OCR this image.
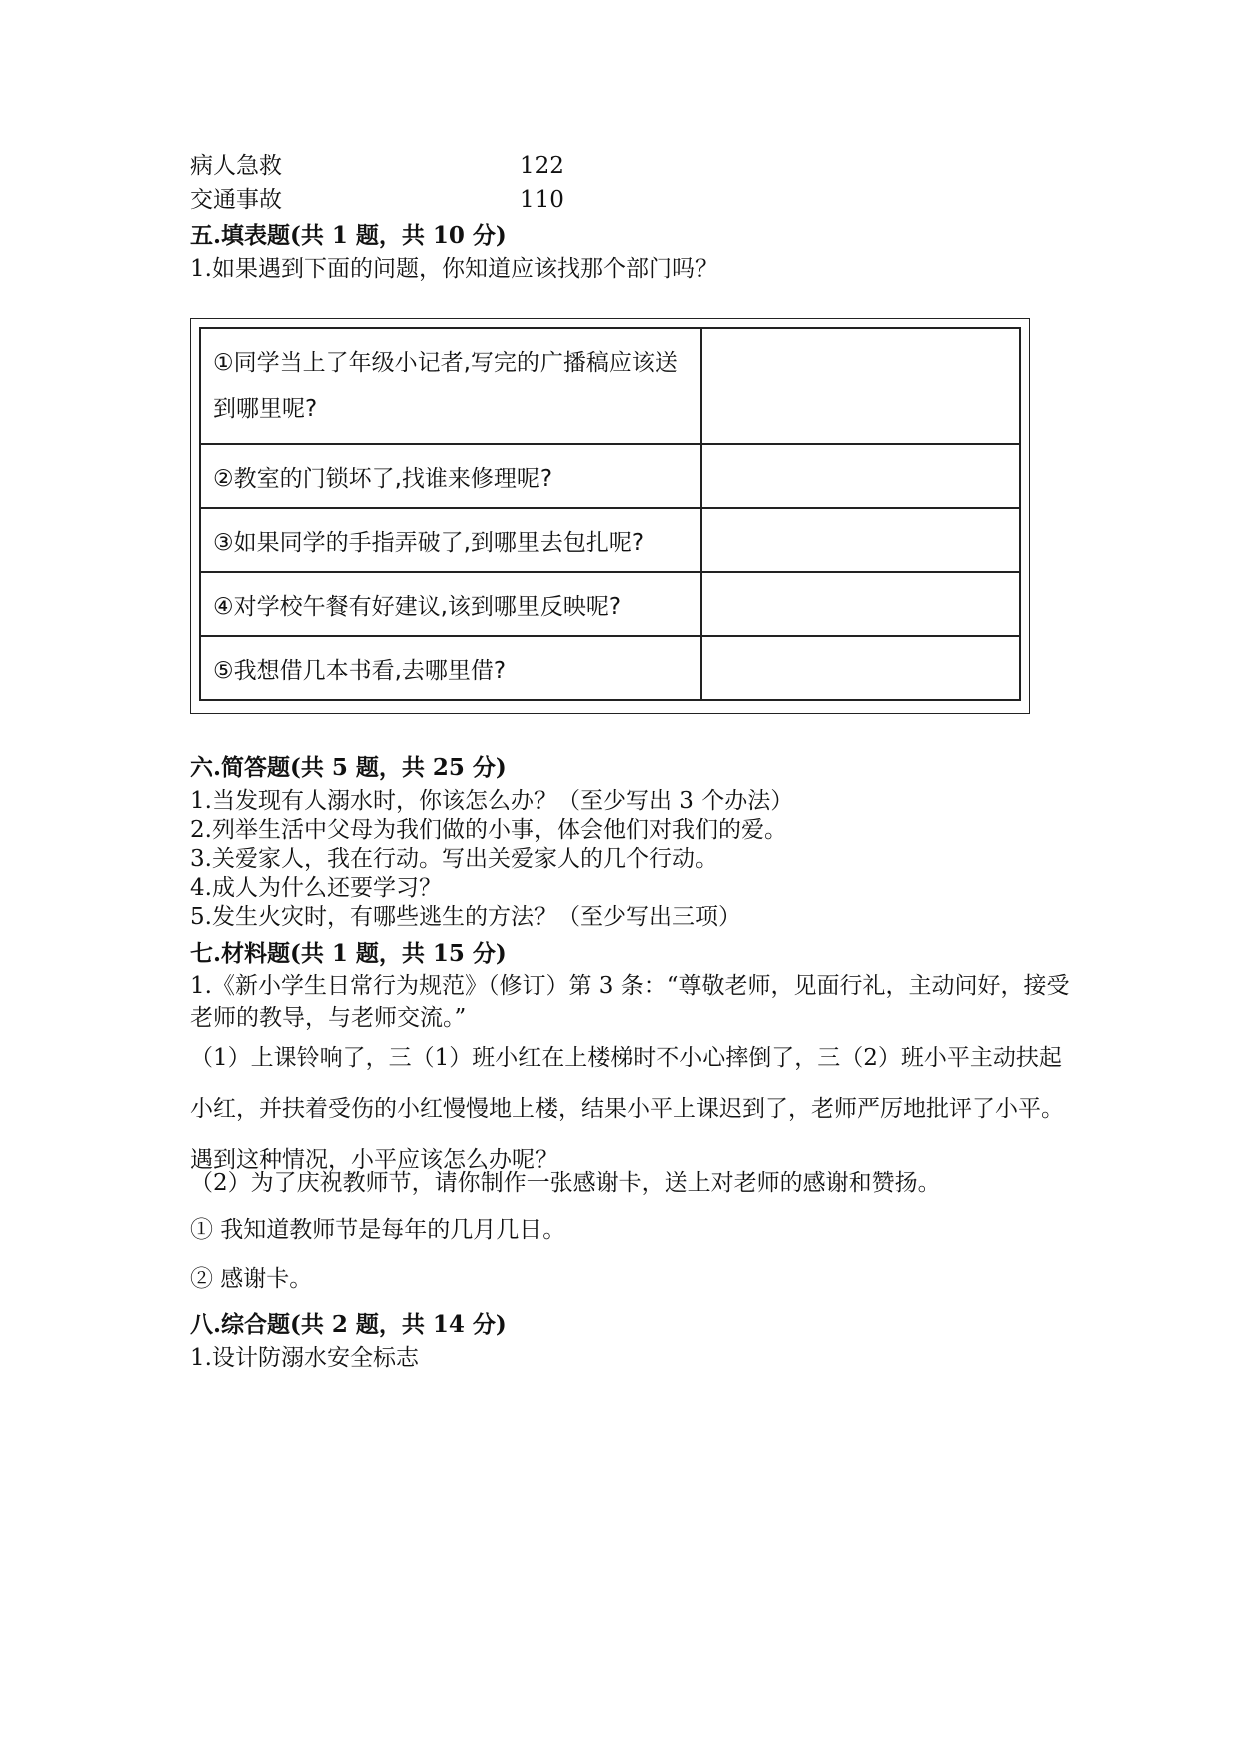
病人急救	122
交通事故	110
五.填表题(共 1 题，共 10 分)
1.如果遇到下面的问题，你知道应该找那个部门吗？
①同学当上了年级小记者,写完的广播稿应该送到哪里呢?	
②教室的门锁坏了,找谁来修理呢?	
③如果同学的手指弄破了,到哪里去包扎呢?	
④对学校午餐有好建议,该到哪里反映呢?	
⑤我想借几本书看,去哪里借?	
六.简答题(共 5 题，共 25 分)
1.当发现有人溺水时，你该怎么办？（至少写出 3 个办法）
2.列举生活中父母为我们做的小事，体会他们对我们的爱。
3.关爱家人，我在行动。写出关爱家人的几个行动。
4.成人为什么还要学习？
5.发生火灾时，有哪些逃生的方法？（至少写出三项）
七.材料题(共 1 题，共 15 分)
1.《新小学生日常行为规范》（修订）第 3 条：“尊敬老师，见面行礼，主动问好，接受老师的教导，与老师交流。”
（1）上课铃响了，三（1）班小红在上楼梯时不小心摔倒了，三（2）班小平主动扶起小红，并扶着受伤的小红慢慢地上楼，结果小平上课迟到了，老师严厉地批评了小平。遇到这种情况，小平应该怎么办呢？
（2）为了庆祝教师节，请你制作一张感谢卡，送上对老师的感谢和赞扬。
① 我知道教师节是每年的几月几日。
② 感谢卡。
八.综合题(共 2 题，共 14 分)
1.设计防溺水安全标志
